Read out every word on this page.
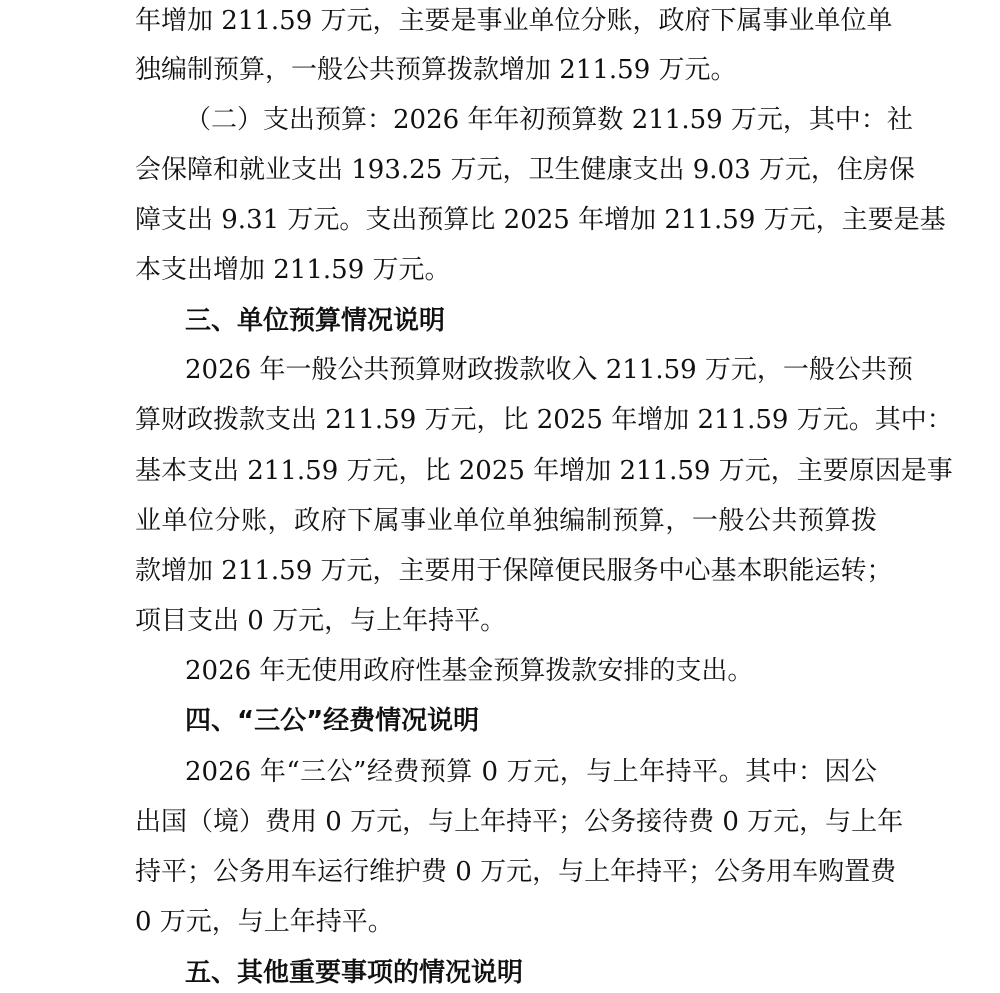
年增加 211.59 万元，主要是事业单位分账，政府下属事业单位单
独编制预算，一般公共预算拨款增加 211.59 万元。
（二）支出预算：2026 年年初预算数 211.59 万元，其中：社
会保障和就业支出 193.25 万元，卫生健康支出 9.03 万元，住房保
障支出 9.31 万元。支出预算比 2025 年增加 211.59 万元，主要是基
本支出增加 211.59 万元。
三、单位预算情况说明
2026 年一般公共预算财政拨款收入 211.59 万元，一般公共预
算财政拨款支出 211.59 万元，比 2025 年增加 211.59 万元。其中：
基本支出 211.59 万元，比 2025 年增加 211.59 万元，主要原因是事
业单位分账，政府下属事业单位单独编制预算，一般公共预算拨
款增加 211.59 万元，主要用于保障便民服务中心基本职能运转；
项目支出 0 万元，与上年持平。
2026 年无使用政府性基金预算拨款安排的支出。
四、“三公”经费情况说明
2026 年“三公”经费预算 0 万元，与上年持平。其中：因公
出国（境）费用 0 万元，与上年持平；公务接待费 0 万元，与上年
持平；公务用车运行维护费 0 万元，与上年持平；公务用车购置费
0 万元，与上年持平。
五、其他重要事项的情况说明
